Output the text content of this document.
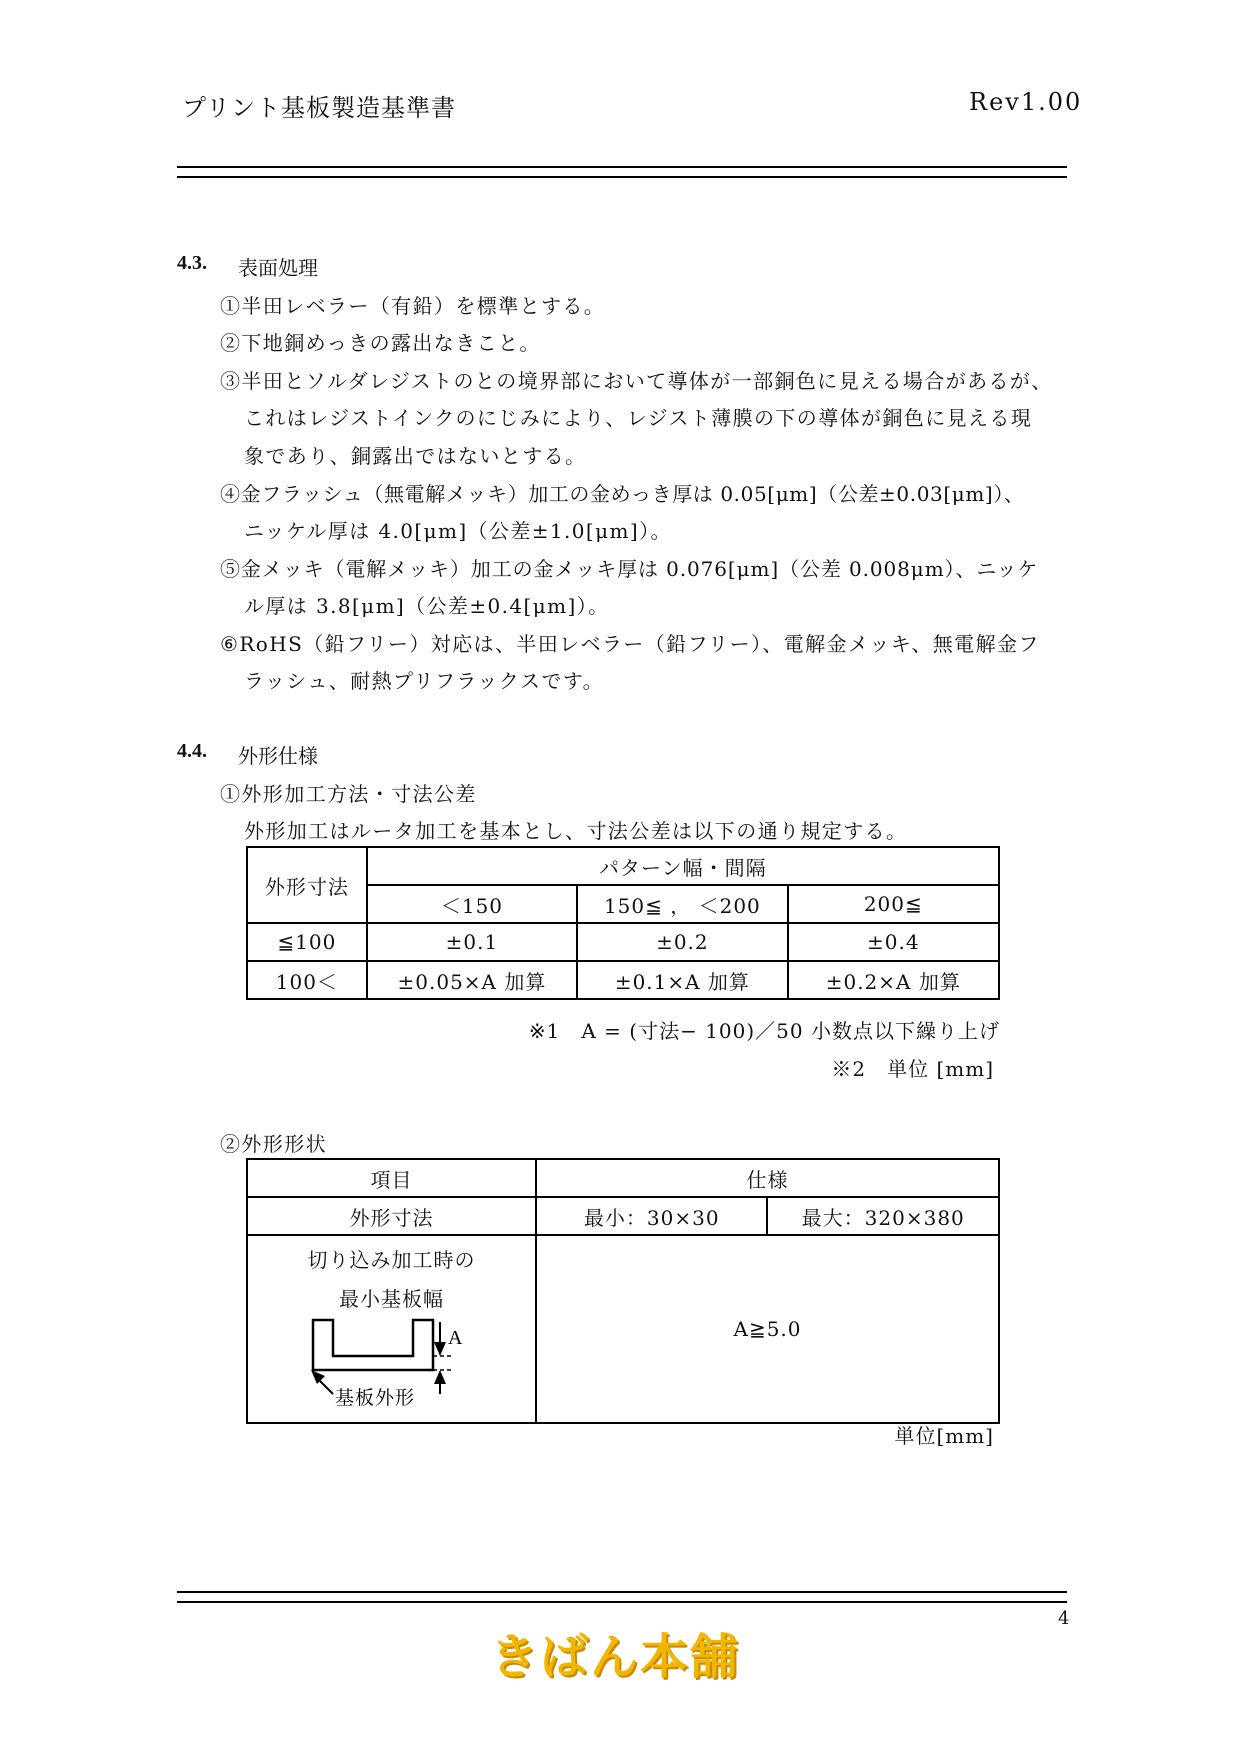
プリント基板製造基準書	Rev1.00
4.3. 表面処理
①半田レベラー（有鉛）を標準とする。
②下地銅めっきの露出なきこと。
③半田とソルダレジストのとの境界部において導体が一部銅色に見える場合があるが、
これはレジストインクのにじみにより、レジスト薄膜の下の導体が銅色に見える現
象であり、銅露出ではないとする。
④金フラッシュ（無電解メッキ）加工の金めっき厚は 0.05[μm]（公差±0.03[μm]）、
ニッケル厚は 4.0[μm]（公差±1.0[μm]）。
⑤金メッキ（電解メッキ）加工の金メッキ厚は 0.076[μm]（公差 0.008μm）、ニッケ
ル厚は 3.8[μm]（公差±0.4[μm]）。
⑥RoHS（鉛フリー）対応は、半田レベラー（鉛フリー）、電解金メッキ、無電解金フ
ラッシュ、耐熱プリフラックスです。
4.4. 外形仕様
①外形加工方法・寸法公差
外形加工はルータ加工を基本とし、寸法公差は以下の通り規定する。
外形寸法	パターン幅・間隔		
	＜150	150≦ ， ＜200	200≦
≦100	±0.1	±0.2	±0.4
100＜	±0.05×A 加算	±0.1×A 加算	±0.2×A 加算
※1　A = (寸法− 100)／50 小数点以下繰り上げ
※2　単位 [mm]
②外形形状
項目	仕様	
外形寸法	最小：30×30	最大：320×380

切り込み加工時の
最小基板幅
A
基板外形	A≧5.0	
単位[mm]
4
きばん本舗
